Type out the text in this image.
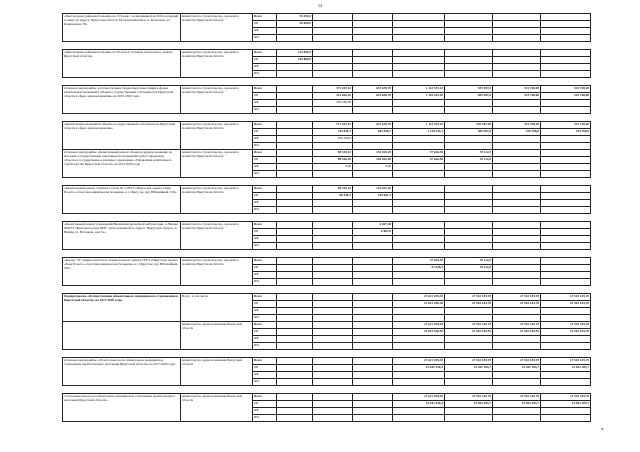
14
«Центральная районная больница на 155 коек с поликлиникой на 200 посещений в смену по адресу: Иркутская область, Балаганский район, п. Балаганск, ул. Климовская, 38»	министерство строительства, дорожного хозяйства Иркутской области	Всего	50 000,0						
		ОБ	50 000,0						
		ФБ							
		ИИ							

«Центральная районная больница на 50 коек в с.Еланцы Ольхонского района Иркутской области»	министерство строительства, дорожного хозяйства Иркутской области	Всего	110 880,0						
		ОБ	110 880,0						
		ФБ							
		ИИ							

Основное мероприятие «Осуществление бюджетных инвестиций в форме капитальных вложений в объекты государственной собственности Иркутской области в сфере здравоохранения» на 2015-2020 годы	министерство строительства, дорожного хозяйства Иркутской области	Всего		571 025,10	635 658,70	1 110 535,10	505 587,0	519 768,00	519 768,00
		ОБ		314 836,10	635 658,70	1 110 535,10	505 587,0	519 768,00	519 768,00
		ФБ		256 189,00					
		ИИ							

«Капитальные вложения в объекты государственной собственности Иркутской области в сфере здравоохранения»	министерство строительства, дорожного хозяйства Иркутской области	Всего		571 025,10	635 658,70	1 110 535,10	505 587,00	519 768,00	519 768,00
		ОБ		314 836,1	635 658,7	1 110 535,1	505 587,0	519 768,0	519 768,0
		ФБ		256 189,0					
		ИИ							
Основное мероприятие «Капитальный ремонт объектов здравоохранения, по которым государственным заказчиком на проведение работ определено областное государственное казенное учреждение «Управление капитального строительства Иркутской области» на 2015-2020 годы	министерство строительства, дорожного хозяйства Иркутской области	Всего		89 536,10	156 029,20	57 626,50	70 112,0		
		ОБ		89 536,10	156 029,20	57 626,50	70 112,0		
		ФБ		0,00	0,00				
		ИИ							

«Капитальный ремонт лечебного блока № 2 ГБУЗ «Иркутская ордена «Знак Почета» областная клиническая больница» в г. Иркутске, м/р Юбилейный, 100»	министерство строительства, дорожного хозяйства Иркутской области	Всего		89 536,10	149 961,20				
		ОБ		89 536,1	149 961,2				
		ФБ							
		ИИ							

«Капитальный ремонт помещений Видимской врачебной амбулатории, п. Видим ОГБУЗ "Железногорская ЦРБ", расположенной по адресу: Иркутская область, п. Видим, ул. Нагорная, дом 5а»	министерство строительства, дорожного хозяйства Иркутской области	Всего			6 067,00				
		ОБ			6 067,0				
		ФБ							
		ИИ							

«Корпус "Б" здания областного перинатального центра ГБУЗ «Иркутская ордена «Знак Почета» областная клиническая больница» в г. Иркутске, м/р Юбилейный, 100»	министерство строительства, дорожного хозяйства Иркутской области	Всего				57 626,50	70 112,0		
		ОБ				57 626,5	70 112,0		
		ФБ							
		ИИ							

Подпрограмма «Осуществление обязательного медицинского страхования в Иркутской области» на 2017-2020 годы	Всего, в том числе	Всего				15 641 930,30	15 502 183,70	15 502 183,70	15 502 183,70
		ОБ				15 641 930,30	15 502 183,70	15 502 183,70	15 502 183,70
		ФБ							
		ИИ							
	министерство здравоохранения Иркутской области	Всего				15 641 930,30	15 502 183,70	15 502 183,70	15 502 183,70
		ОБ				15 641 930,30	15 502 183,70	15 502 183,70	15 502 183,70
		ФБ							
		ИИ							

Основное мероприятие «Уплата взносов на обязательное медицинское страхование неработающего населения Иркутской области» на 2017-2020 годы	министерство здравоохранения Иркутской области	Всего				15 641 930,30	15 502 183,70	15 502 183,70	15 502 183,70
		ОБ				15 641 930,3	15 502 183,7	15 502 183,7	15 502 183,7
		ФБ							
		ИИ							

«Страховые взносы на обязательное медицинское страхование неработающего населения Иркутской области»	министерство здравоохранения Иркутской области	Всего				15 641 930,30	15 502 183,70	15 502 183,70	15 502 183,70
		ОБ				15 641 930,3	15 502 183,7	15 502 183,7	15 502 183,7
		ФБ							
		ИИ							
м
